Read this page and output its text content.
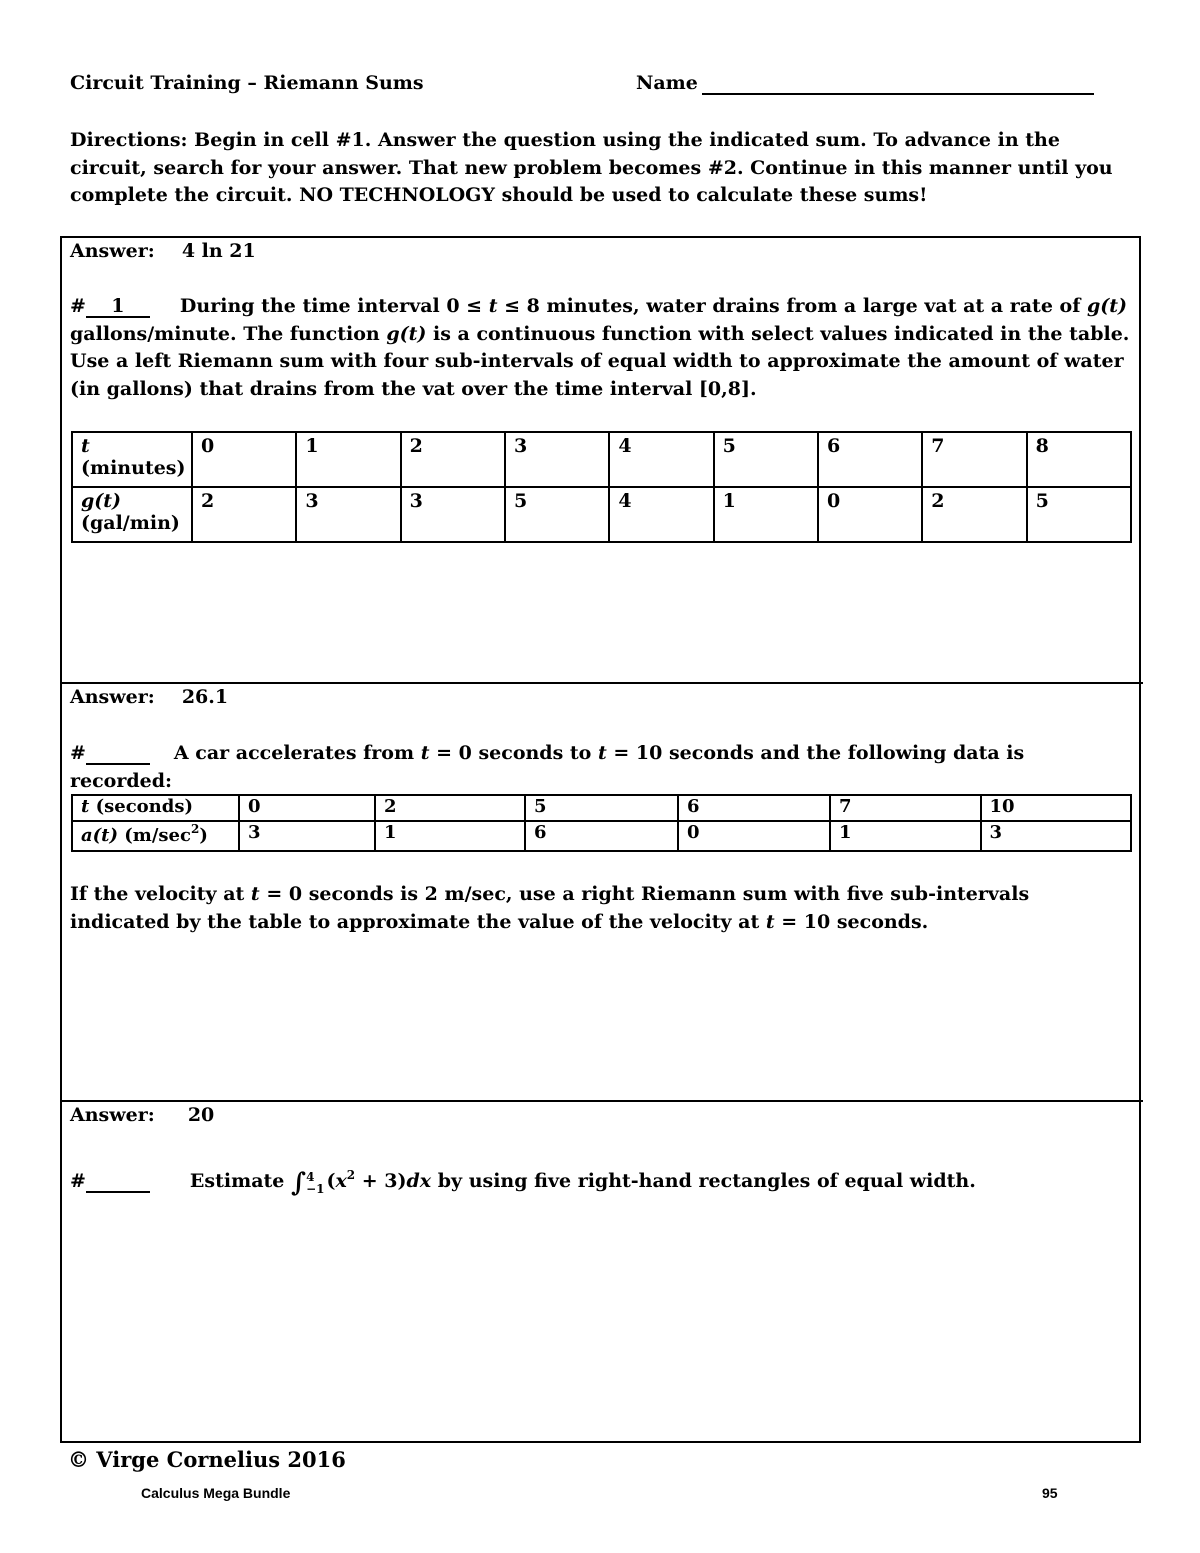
Circuit Training – Riemann Sums	Name
Directions: Begin in cell #1. Answer the question using the indicated sum. To advance in the circuit, search for your answer. That new problem becomes #2. Continue in this manner until you complete the circuit. NO TECHNOLOGY should be used to calculate these sums!
Answer: 4 ln 21
# 1	During the time interval 0 ≤ t ≤ 8 minutes, water drains from a large vat at a rate of g(t) gallons/minute. The function g(t) is a continuous function with select values indicated in the table. Use a left Riemann sum with four sub-intervals of equal width to approximate the amount of water (in gallons) that drains from the vat over the time interval [0,8].
t
(minutes)	0	1	2	3	4	5	6	7	8
g(t)
(gal/min)	2	3	3	5	4	1	0	2	5
Answer: 26.1
#	A car accelerates from t = 0 seconds to t = 10 seconds and the following data is recorded:
t (seconds)	0	2	5	6	7	10
a(t) $(m/\sec^2)$	3	1	6	0	1	3
If the velocity at t = 0 seconds is 2 m/sec, use a right Riemann sum with five sub-intervals indicated by the table to approximate the value of the velocity at t = 10 seconds.
Answer: 20
#	Estimate ∫ 4
−1 $(x^2 + 3)dx$ by using five right-hand rectangles of equal width.
© Virge Cornelius 2016
Calculus Mega Bundle	95
